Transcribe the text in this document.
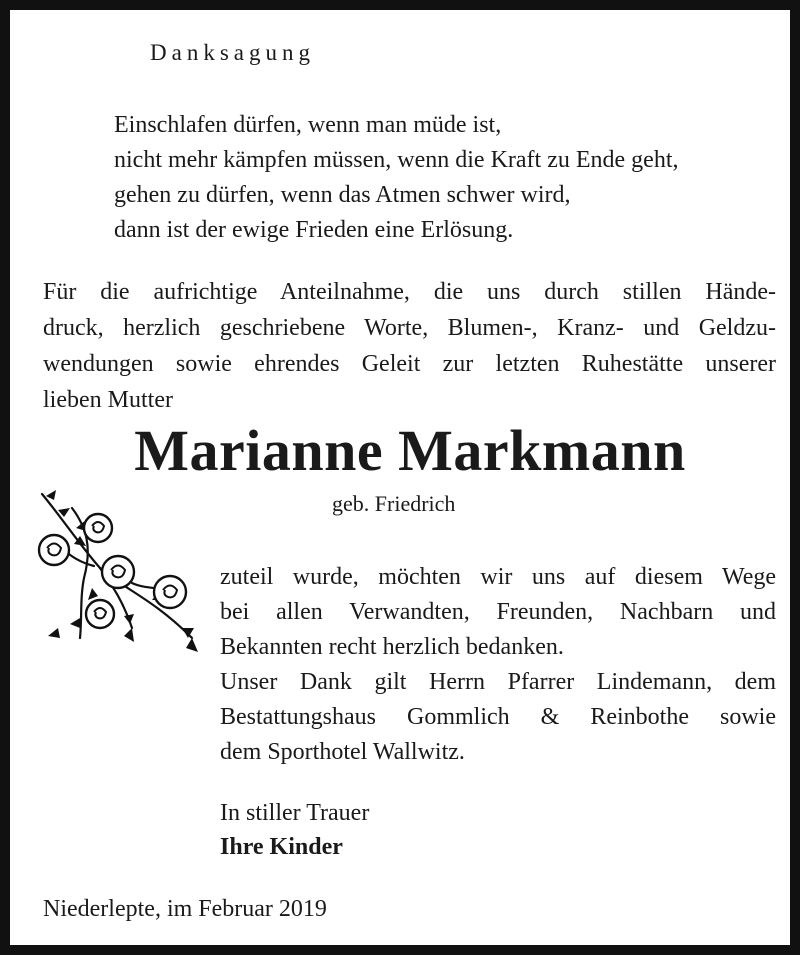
Danksagung
Einschlafen dürfen, wenn man müde ist,
nicht mehr kämpfen müssen, wenn die Kraft zu Ende geht,
gehen zu dürfen, wenn das Atmen schwer wird,
dann ist der ewige Frieden eine Erlösung.
Für die aufrichtige Anteilnahme, die uns durch stillen Hände-
druck, herzlich geschriebene Worte, Blumen-, Kranz- und Geldzu-
wendungen sowie ehrendes Geleit zur letzten Ruhestätte unserer
lieben Mutter
Marianne Markmann
geb. Friedrich
zuteil wurde, möchten wir uns auf diesem Wege
bei allen Verwandten, Freunden, Nachbarn und
Bekannten recht herzlich bedanken.
Unser Dank gilt Herrn Pfarrer Lindemann, dem
Bestattungshaus Gommlich & Reinbothe sowie
dem Sporthotel Wallwitz.
In stiller Trauer
Ihre Kinder
Niederlepte, im Februar 2019
